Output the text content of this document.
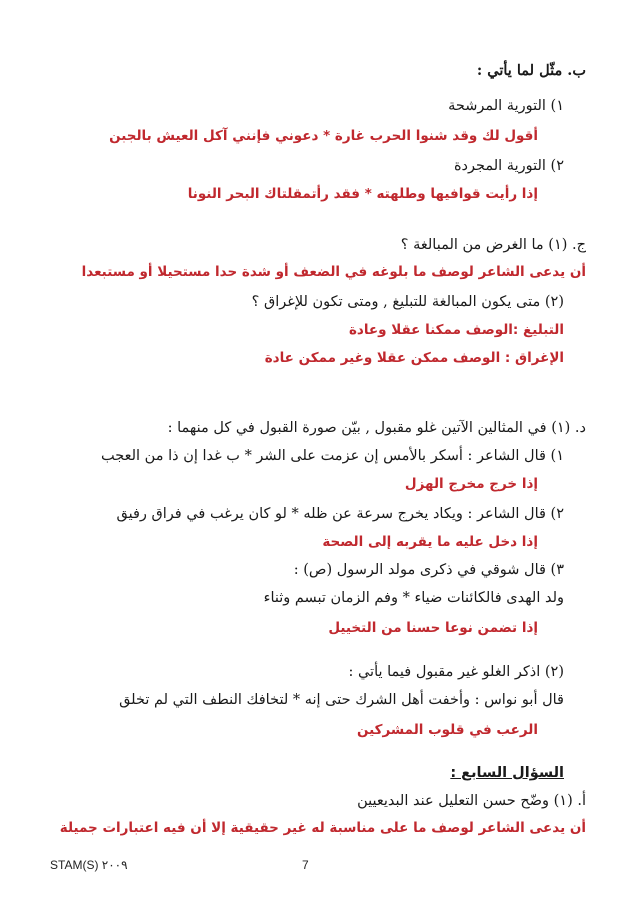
ب. مثّل لما يأتي :
١) التورية المرشحة
أقول لك وقد شنوا الحرب غارة * دعوني فإنني آكل العيش بالجبن
٢) التورية المجردة
إذا رأيت قوافيها وطلهته * فقد رأتمقلتاك البحر النونا
ج. (١) ما الغرض من المبالغة ؟
أن يدعى الشاعر لوصف ما بلوغه في الضعف أو شدة حدا مستحيلا أو مستبعدا
(٢) متى يكون المبالغة للتبليغ , ومتى تكون للإغراق ؟
التبليغ :الوصف ممكنا عقلا وعادة
الإغراق : الوصف ممكن عقلا وغير ممكن عادة
د. (١) في المثالين الآتين غلو مقبول , بيّن صورة القبول في كل منهما :
١) قال الشاعر : أسكر بالأمس إن عزمت على الشر * ب غدا إن ذا من العجب
إذا خرج مخرج الهزل
٢) قال الشاعر : ويكاد يخرج سرعة عن ظله * لو كان يرغب في فراق رفيق
إذا دخل عليه ما يقربه إلى الصحة
٣) قال شوقي في ذكرى مولد الرسول (ص) :
ولد الهدى فالكائنات ضياء * وفم الزمان تبسم وثناء
إذا تضمن نوعا حسنا من التخييل
(٢) اذكر الغلو غير مقبول فيما يأتي :
قال أبو نواس : وأخفت أهل الشرك حتى إنه * لتخافك النطف التي لم تخلق
الرعب في قلوب المشركين
السؤال السابع :
أ. (١) وضّح حسن التعليل عند البديعيين
أن يدعى الشاعر لوصف ما على مناسبة له غير حقيقية إلا أن فيه اعتبارات جميلة
STAM(S) ٢٠٠٩	7
